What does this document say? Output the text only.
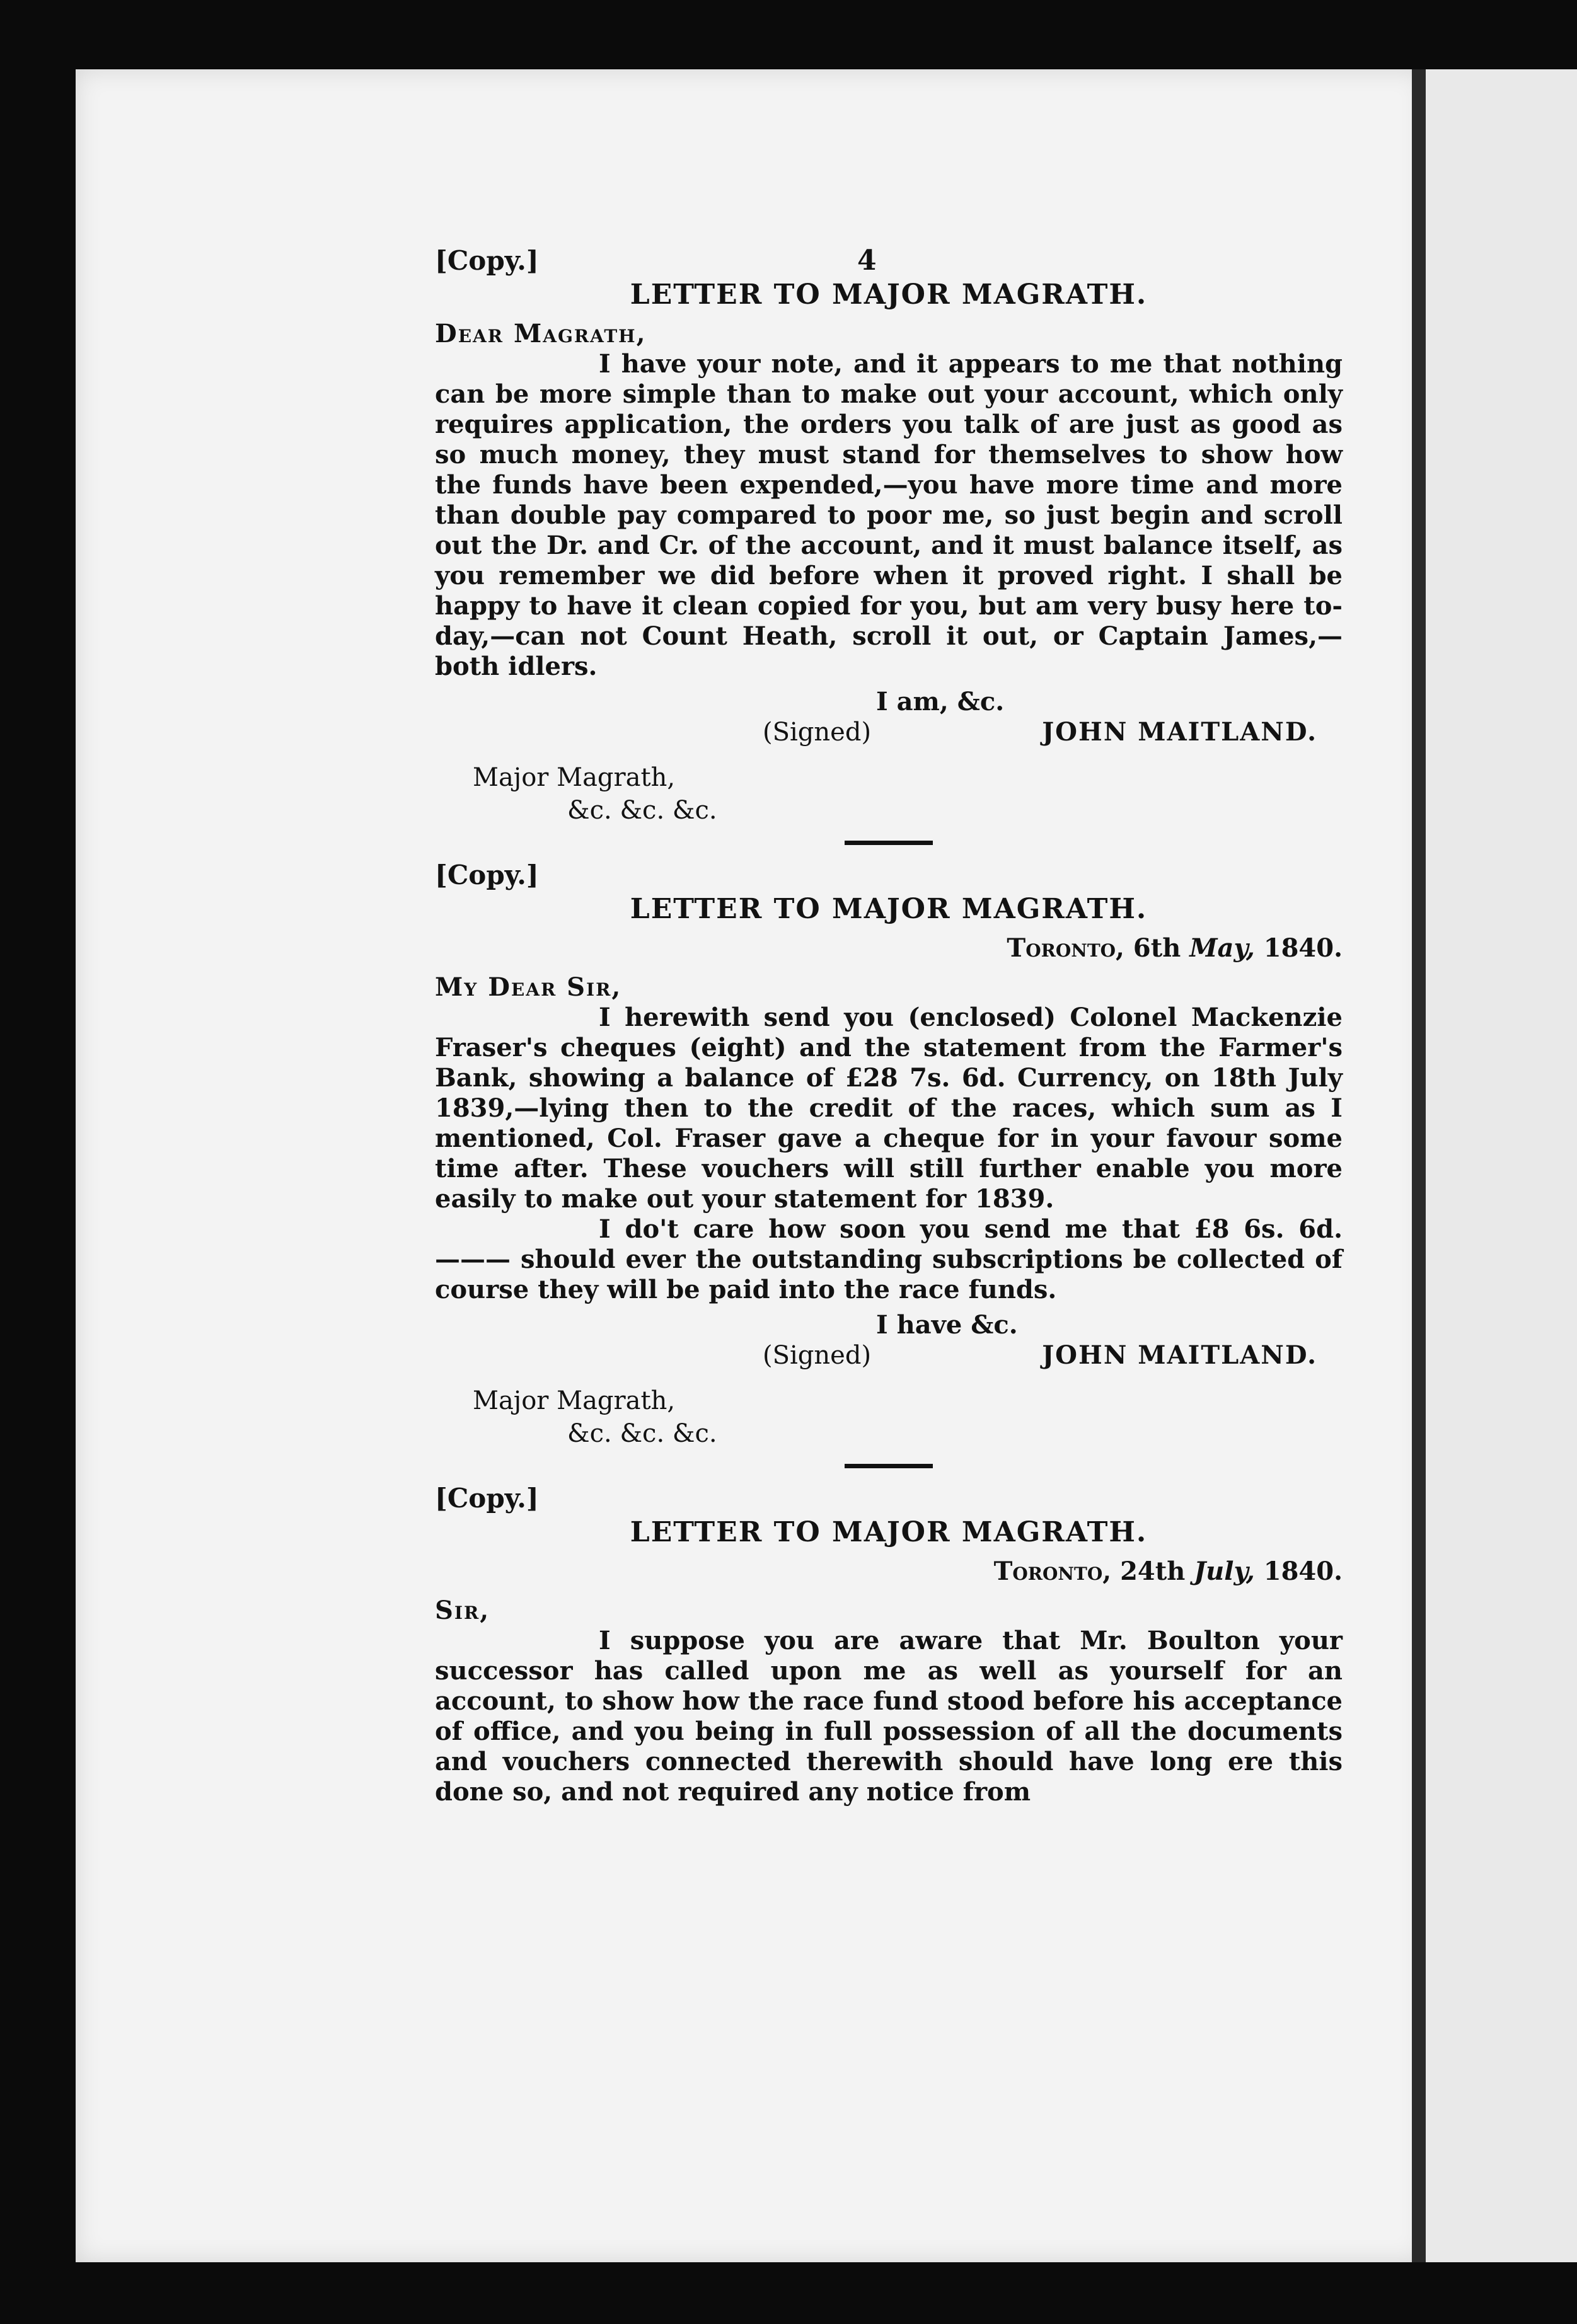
4
[Copy.]
LETTER TO MAJOR MAGRATH.
Dear Magrath,

I have your note, and it appears to me that nothing can be more simple than to make out your account, which only requires application, the orders you talk of are just as good as so much money, they must stand for themselves to show how the funds have been expended,—you have more time and more than double pay compared to poor me, so just begin and scroll out the Dr. and Cr. of the account, and it must balance itself, as you remember we did before when it proved right. I shall be happy to have it clean copied for you, but am very busy here to-day,—can not Count Heath, scroll it out, or Captain James,—both idlers.

I am, &c.
(Signed)	JOHN MAITLAND.
Major Magrath,
&c. &c. &c.
[Copy.]
LETTER TO MAJOR MAGRATH.
Toronto, 6th May, 1840.
My Dear Sir,

I herewith send you (enclosed) Colonel Mackenzie Fraser's cheques (eight) and the statement from the Farmer's Bank, showing a balance of £28 7s. 6d. Currency, on 18th July 1839,—lying then to the credit of the races, which sum as I mentioned, Col. Fraser gave a cheque for in your favour some time after. These vouchers will still further enable you more easily to make out your statement for 1839.

I do't care how soon you send me that £8 6s. 6d. ——— should ever the outstanding subscriptions be collected of course they will be paid into the race funds.

I have &c.
(Signed)	JOHN MAITLAND.
Major Magrath,
&c. &c. &c.
[Copy.]
LETTER TO MAJOR MAGRATH.
Toronto, 24th July, 1840.
Sir,

I suppose you are aware that Mr. Boulton your successor has called upon me as well as yourself for an account, to show how the race fund stood before his acceptance of office, and you being in full possession of all the documents and vouchers connected therewith should have long ere this done so, and not required any notice from
